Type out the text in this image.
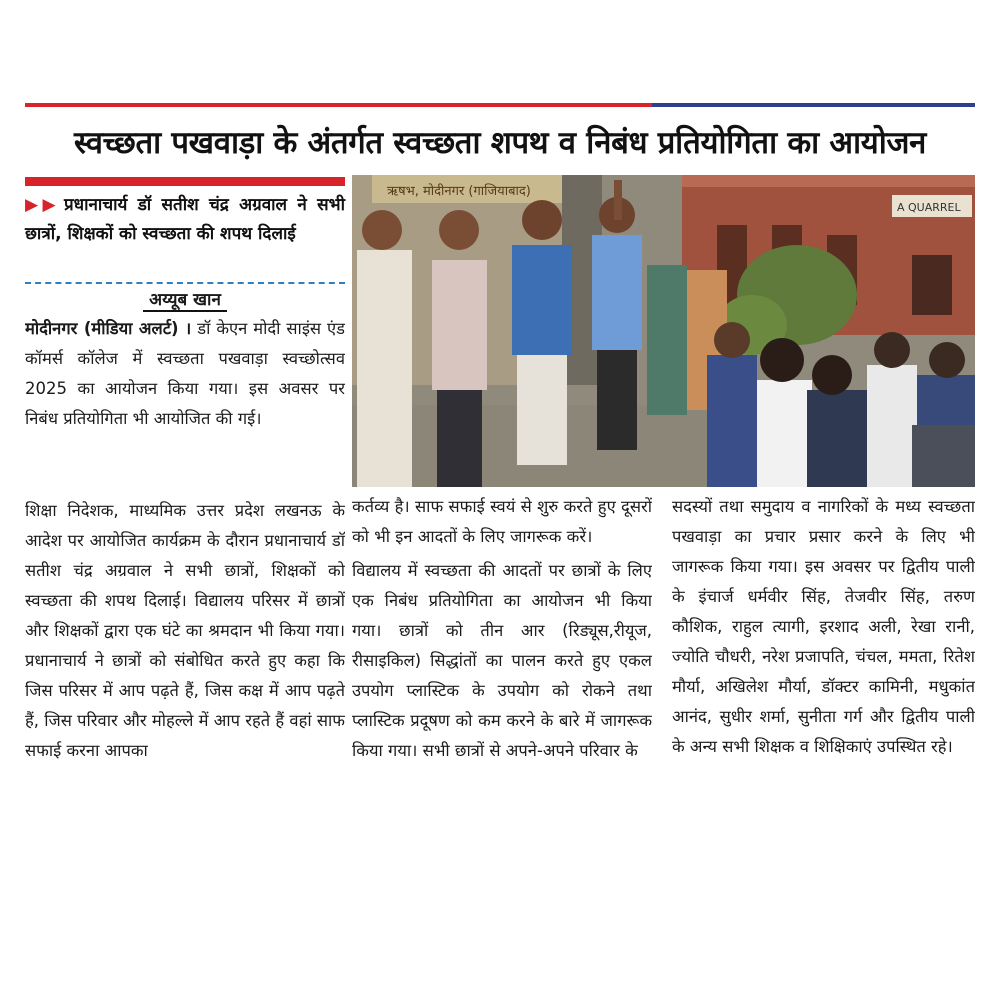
स्वच्छता पखवाड़ा के अंतर्गत स्वच्छता शपथ व निबंध प्रतियोगिता का आयोजन
▶▶ प्रधानाचार्य डॉ सतीश चंद्र अग्रवाल ने सभी छात्रों, शिक्षकों को स्वच्छता की शपथ दिलाई
अय्यूब खान

मोदीनगर (मीडिया अलर्ट) । डॉ केएन मोदी साइंस एंड कॉमर्स कॉलेज में स्वच्छता पखवाड़ा स्वच्छोत्सव 2025 का आयोजन किया गया। इस अवसर पर निबंध प्रतियोगिता भी आयोजित की गई।

शिक्षा निदेशक, माध्यमिक उत्तर प्रदेश लखनऊ के आदेश पर आयोजित कार्यक्रम के दौरान प्रधानाचार्य डॉ सतीश चंद्र अग्रवाल ने सभी छात्रों, शिक्षकों को स्वच्छता की शपथ दिलाई। विद्यालय परिसर में छात्रों और शिक्षकों द्वारा एक घंटे का श्रमदान भी किया गया। प्रधानाचार्य ने छात्रों को संबोधित करते हुए कहा कि जिस परिसर में आप पढ़ते हैं, जिस कक्ष में आप पढ़ते हैं, जिस परिवार और मोहल्ले में आप रहते हैं वहां साफ सफाई करना आपका

ऋषभ, मोदीनगर (गाजियाबाद)
A QUARREL

कर्तव्य है। साफ सफाई स्वयं से शुरु करते हुए दूसरों को भी इन आदतों के लिए जागरूक करें।

विद्यालय में स्वच्छता की आदतों पर छात्रों के लिए एक निबंध प्रतियोगिता का आयोजन भी किया गया। छात्रों को तीन आर (रिड्यूस,रीयूज, रीसाइकिल) सिद्धांतों का पालन करते हुए एकल उपयोग प्लास्टिक के उपयोग को रोकने तथा प्लास्टिक प्रदूषण को कम करने के बारे में जागरूक किया गया। सभी छात्रों से अपने-अपने परिवार के

सदस्यों तथा समुदाय व नागरिकों के मध्य स्वच्छता पखवाड़ा का प्रचार प्रसार करने के लिए भी जागरूक किया गया। इस अवसर पर द्वितीय पाली के इंचार्ज धर्मवीर सिंह, तेजवीर सिंह, तरुण कौशिक, राहुल त्यागी, इरशाद अली, रेखा रानी, ज्योति चौधरी, नरेश प्रजापति, चंचल, ममता, रितेश मौर्या, अखिलेश मौर्या, डॉक्टर कामिनी, मधुकांत आनंद, सुधीर शर्मा, सुनीता गर्ग और द्वितीय पाली के अन्य सभी शिक्षक व शिक्षिकाएं उपस्थित रहे।
